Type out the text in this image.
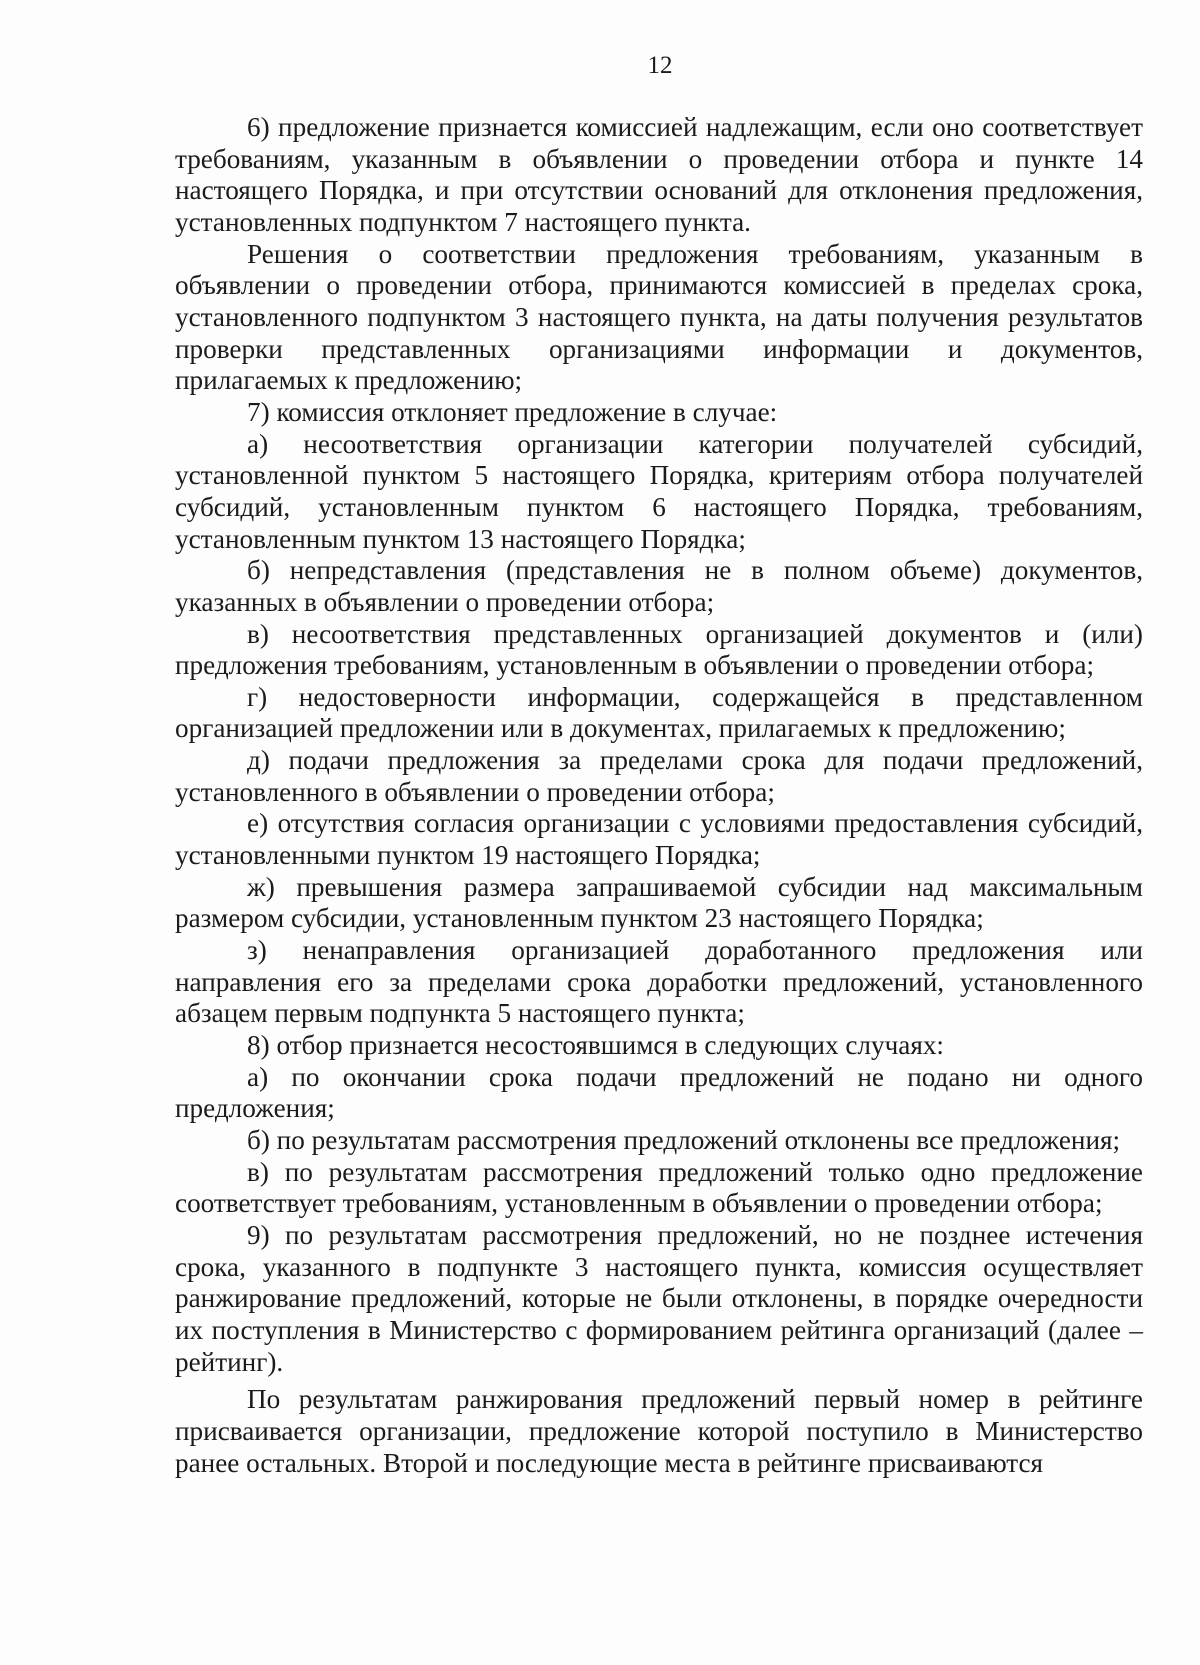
12

6) предложение признается комиссией надлежащим, если оно соответствует требованиям, указанным в объявлении о проведении отбора и пункте 14 настоящего Порядка, и при отсутствии оснований для отклонения предложения, установленных подпунктом 7 настоящего пункта.

Решения о соответствии предложения требованиям, указанным в объявлении о проведении отбора, принимаются комиссией в пределах срока, установленного подпунктом 3 настоящего пункта, на даты получения результатов проверки представленных организациями информации и документов, прилагаемых к предложению;

7) комиссия отклоняет предложение в случае:

а) несоответствия организации категории получателей субсидий, установленной пунктом 5 настоящего Порядка, критериям отбора получателей субсидий, установленным пунктом 6 настоящего Порядка, требованиям, установленным пунктом 13 настоящего Порядка;

б) непредставления (представления не в полном объеме) документов, указанных в объявлении о проведении отбора;

в) несоответствия представленных организацией документов и (или) предложения требованиям, установленным в объявлении о проведении отбора;

г) недостоверности информации, содержащейся в представленном организацией предложении или в документах, прилагаемых к предложению;

д) подачи предложения за пределами срока для подачи предложений, установленного в объявлении о проведении отбора;

е) отсутствия согласия организации с условиями предоставления субсидий, установленными пунктом 19 настоящего Порядка;

ж) превышения размера запрашиваемой субсидии над максимальным размером субсидии, установленным пунктом 23 настоящего Порядка;

з) ненаправления организацией доработанного предложения или направления его за пределами срока доработки предложений, установленного абзацем первым подпункта 5 настоящего пункта;

8) отбор признается несостоявшимся в следующих случаях:

а) по окончании срока подачи предложений не подано ни одного предложения;

б) по результатам рассмотрения предложений отклонены все предложения;

в) по результатам рассмотрения предложений только одно предложение соответствует требованиям, установленным в объявлении о проведении отбора;

9) по результатам рассмотрения предложений, но не позднее истечения срока, указанного в подпункте 3 настоящего пункта, комиссия осуществляет ранжирование предложений, которые не были отклонены, в порядке очередности их поступления в Министерство с формированием рейтинга организаций (далее – рейтинг).

По результатам ранжирования предложений первый номер в рейтинге присваивается организации, предложение которой поступило в Министерство ранее остальных. Второй и последующие места в рейтинге присваиваются
